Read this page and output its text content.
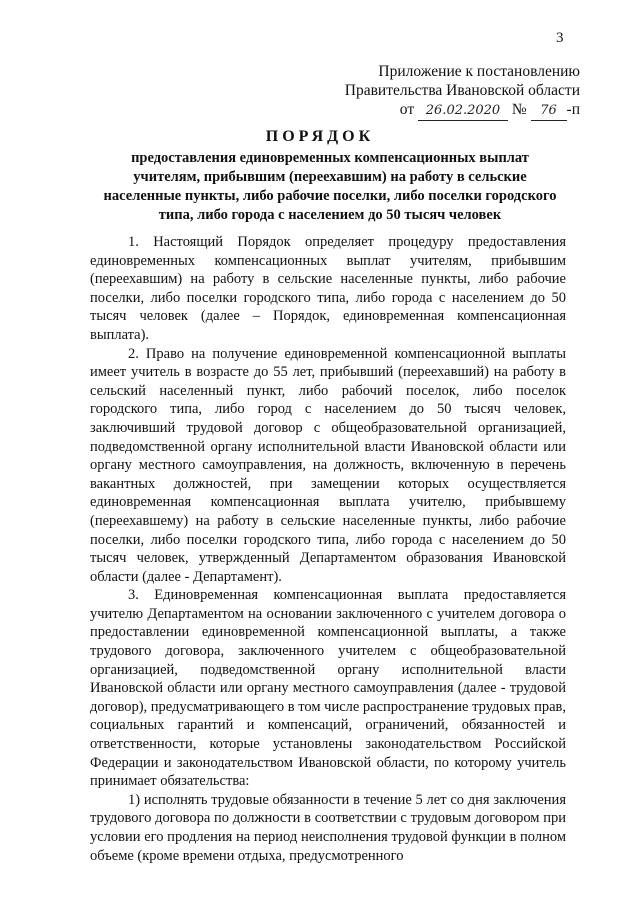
3
Приложение к постановлению
Правительства Ивановской области
от 26.02.2020 № 76 -п
ПОРЯДОК
предоставления единовременных компенсационных выплат учителям, прибывшим (переехавшим) на работу в сельские населенные пункты, либо рабочие поселки, либо поселки городского типа, либо города с населением до 50 тысяч человек

1. Настоящий Порядок определяет процедуру предоставления единовременных компенсационных выплат учителям, прибывшим (переехавшим) на работу в сельские населенные пункты, либо рабочие поселки, либо поселки городского типа, либо города с населением до 50 тысяч человек (далее – Порядок, единовременная компенсационная выплата).

2. Право на получение единовременной компенсационной выплаты имеет учитель в возрасте до 55 лет, прибывший (переехавший) на работу в сельский населенный пункт, либо рабочий поселок, либо поселок городского типа, либо город с населением до 50 тысяч человек, заключивший трудовой договор с общеобразовательной организацией, подведомственной органу исполнительной власти Ивановской области или органу местного самоуправления, на должность, включенную в перечень вакантных должностей, при замещении которых осуществляется единовременная компенсационная выплата учителю, прибывшему (переехавшему) на работу в сельские населенные пункты, либо рабочие поселки, либо поселки городского типа, либо города с населением до 50 тысяч человек, утвержденный Департаментом образования Ивановской области (далее - Департамент).

3. Единовременная компенсационная выплата предоставляется учителю Департаментом на основании заключенного с учителем договора о предоставлении единовременной компенсационной выплаты, а также трудового договора, заключенного учителем с общеобразовательной организацией, подведомственной органу исполнительной власти Ивановской области или органу местного самоуправления (далее - трудовой договор), предусматривающего в том числе распространение трудовых прав, социальных гарантий и компенсаций, ограничений, обязанностей и ответственности, которые установлены законодательством Российской Федерации и законодательством Ивановской области, по которому учитель принимает обязательства:

1) исполнять трудовые обязанности в течение 5 лет со дня заключения трудового договора по должности в соответствии с трудовым договором при условии его продления на период неисполнения трудовой функции в полном объеме (кроме времени отдыха, предусмотренного
